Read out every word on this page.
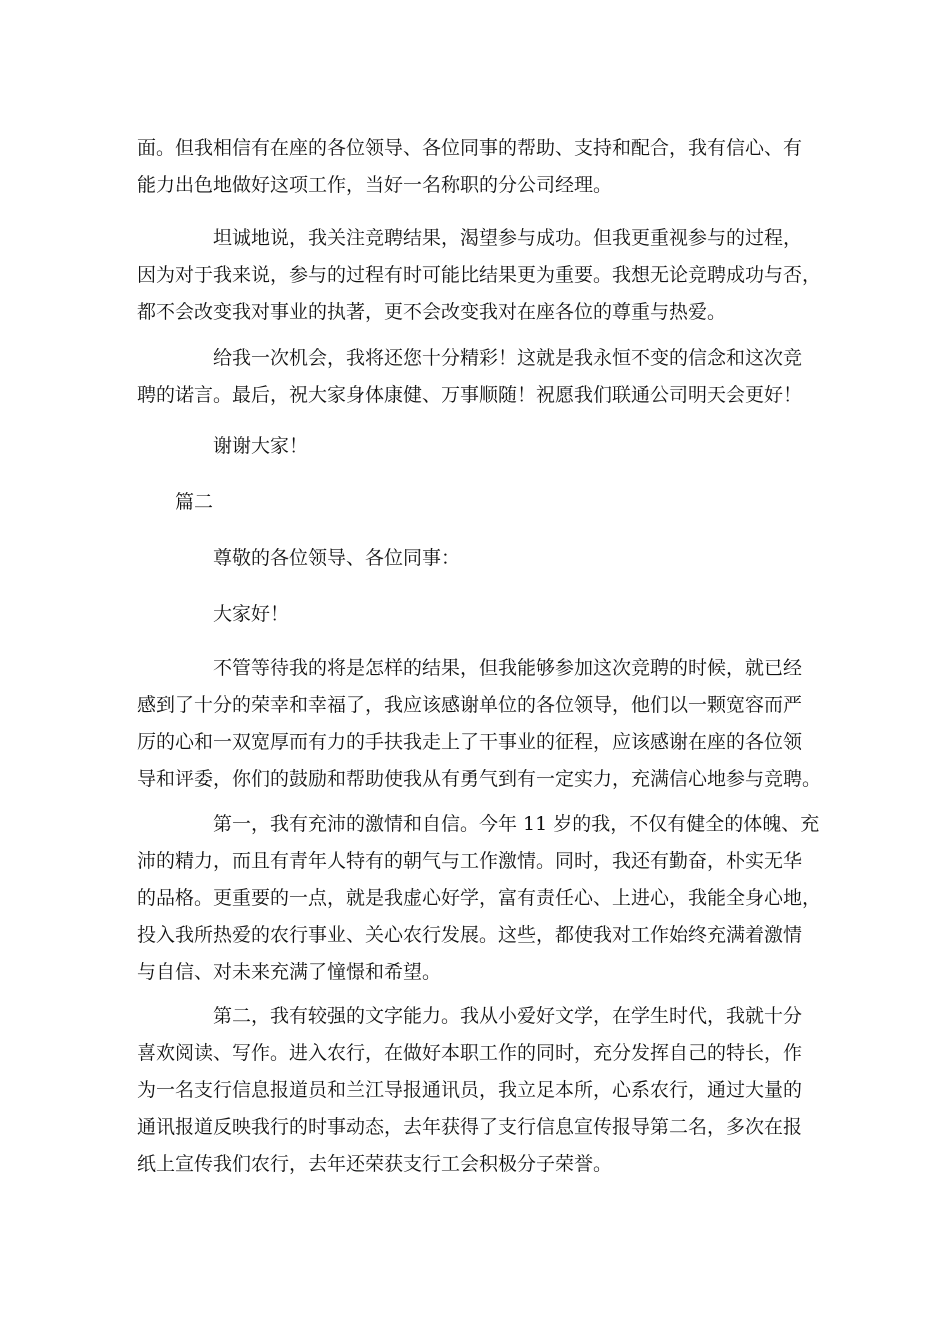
面。但我相信有在座的各位领导、各位同事的帮助、支持和配合，我有信心、有
能力出色地做好这项工作，当好一名称职的分公司经理。

坦诚地说，我关注竞聘结果，渴望参与成功。但我更重视参与的过程，
因为对于我来说，参与的过程有时可能比结果更为重要。我想无论竞聘成功与否，
都不会改变我对事业的执著，更不会改变我对在座各位的尊重与热爱。

给我一次机会，我将还您十分精彩！这就是我永恒不变的信念和这次竞
聘的诺言。最后，祝大家身体康健、万事顺随！祝愿我们联通公司明天会更好！

谢谢大家！

篇二

尊敬的各位领导、各位同事：

大家好！

不管等待我的将是怎样的结果，但我能够参加这次竞聘的时候，就已经
感到了十分的荣幸和幸福了，我应该感谢单位的各位领导，他们以一颗宽容而严
厉的心和一双宽厚而有力的手扶我走上了干事业的征程，应该感谢在座的各位领
导和评委，你们的鼓励和帮助使我从有勇气到有一定实力，充满信心地参与竞聘。

第一，我有充沛的激情和自信。今年 11 岁的我，不仅有健全的体魄、充
沛的精力，而且有青年人特有的朝气与工作激情。同时，我还有勤奋，朴实无华
的品格。更重要的一点，就是我虚心好学，富有责任心、上进心，我能全身心地，
投入我所热爱的农行事业、关心农行发展。这些，都使我对工作始终充满着激情
与自信、对未来充满了憧憬和希望。

第二，我有较强的文字能力。我从小爱好文学，在学生时代，我就十分
喜欢阅读、写作。进入农行，在做好本职工作的同时，充分发挥自己的特长，作
为一名支行信息报道员和兰江导报通讯员，我立足本所，心系农行，通过大量的
通讯报道反映我行的时事动态，去年获得了支行信息宣传报导第二名，多次在报
纸上宣传我们农行，去年还荣获支行工会积极分子荣誉。
